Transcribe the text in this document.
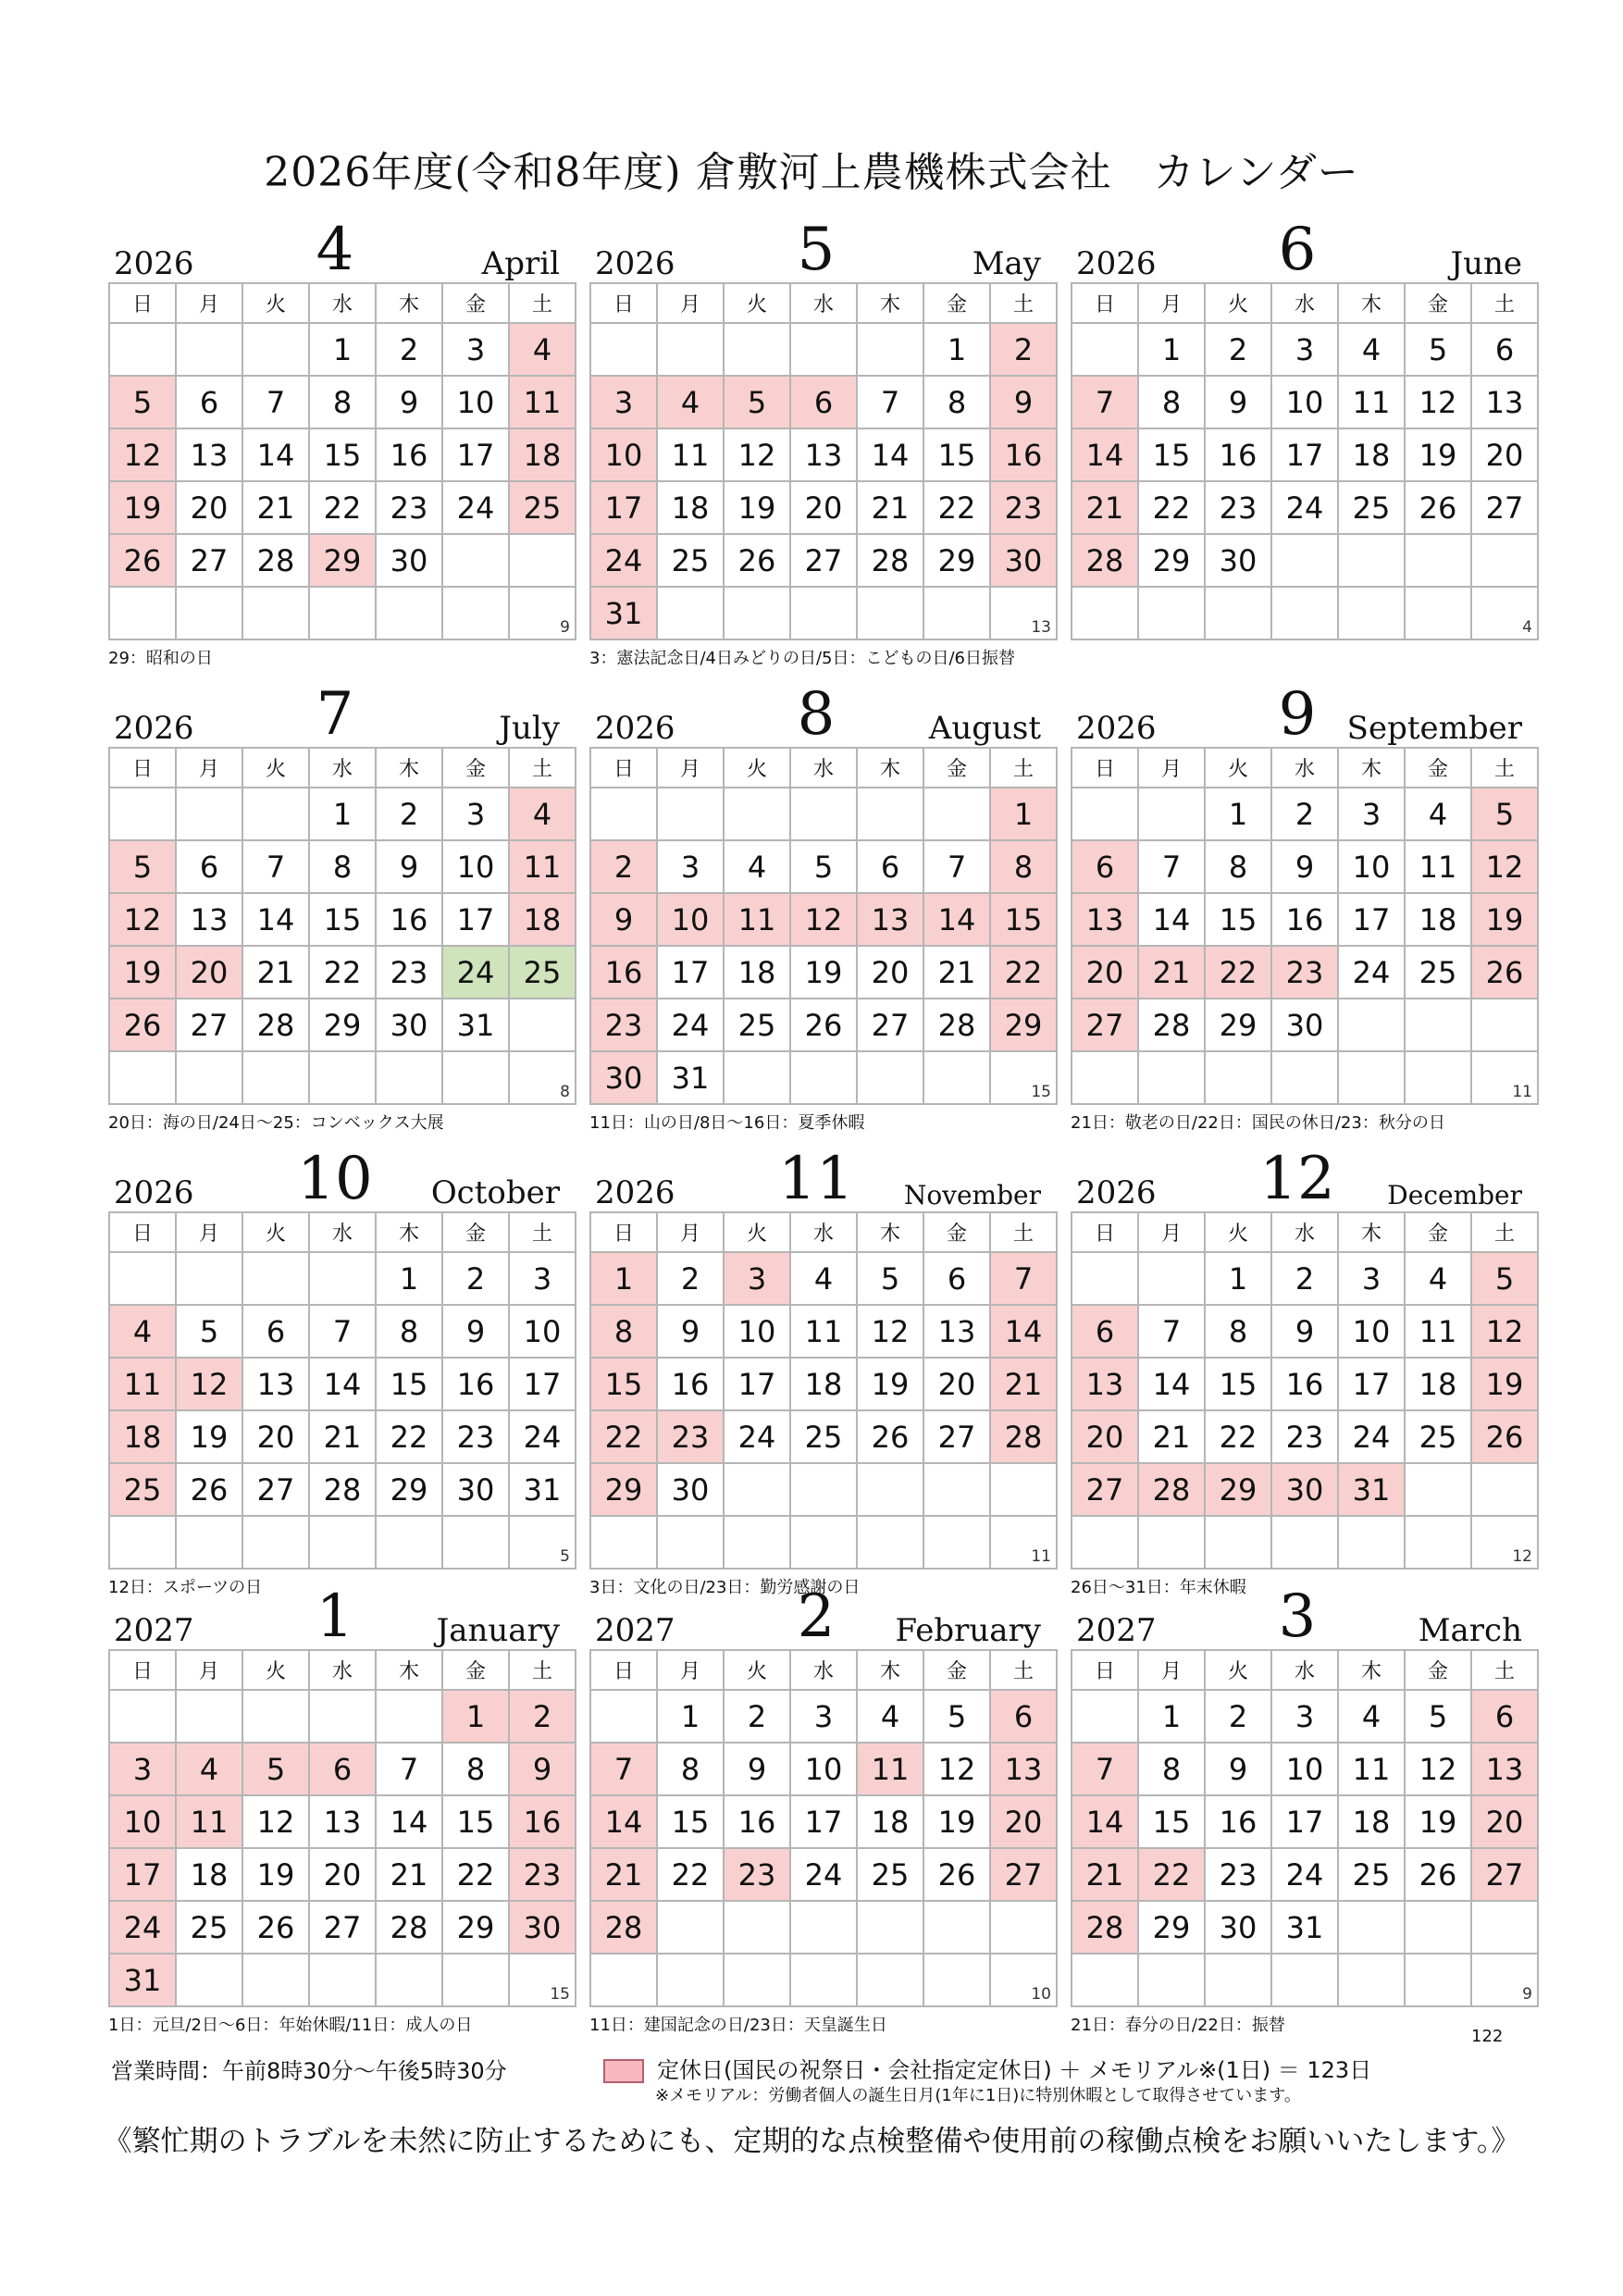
2026年度(令和8年度) 倉敷河上農機株式会社　カレンダー
2026	4	April
日	月	火	水	木	金	土
			1	2	3	4
5	6	7	8	9	10	11
12	13	14	15	16	17	18
19	20	21	22	23	24	25
26	27	28	29	30		

						9
29：昭和の日
2026	5	May
日	月	火	水	木	金	土
					1	2
3	4	5	6	7	8	9
10	11	12	13	14	15	16
17	18	19	20	21	22	23
24	25	26	27	28	29	30
31						13
3：憲法記念日/4日みどりの日/5日：こどもの日/6日振替
2026	6	June
日	月	火	水	木	金	土
	1	2	3	4	5	6
7	8	9	10	11	12	13
14	15	16	17	18	19	20
21	22	23	24	25	26	27
28	29	30				

						4
2026	7	July
日	月	火	水	木	金	土
			1	2	3	4
5	6	7	8	9	10	11
12	13	14	15	16	17	18
19	20	21	22	23	24	25
26	27	28	29	30	31	

						8
20日：海の日/24日～25：コンベックス大展
2026	8	August
日	月	火	水	木	金	土
						1
2	3	4	5	6	7	8
9	10	11	12	13	14	15
16	17	18	19	20	21	22
23	24	25	26	27	28	29
30	31					15
11日：山の日/8日～16日：夏季休暇
2026	9 September
日	月	火	水	木	金	土
		1	2	3	4	5
6	7	8	9	10	11	12
13	14	15	16	17	18	19
20	21	22	23	24	25	26
27	28	29	30			

						11
21日：敬老の日/22日：国民の休日/23：秋分の日
2026	10	October
日	月	火	水	木	金	土
				1	2	3
4	5	6	7	8	9	10
11	12	13	14	15	16	17
18	19	20	21	22	23	24
25	26	27	28	29	30	31

						5
12日：スポーツの日
2026	11	November
日	月	火	水	木	金	土
1	2	3	4	5	6	7
8	9	10	11	12	13	14
15	16	17	18	19	20	21
22	23	24	25	26	27	28
29	30					

						11
3日：文化の日/23日：勤労感謝の日
2026	12	December
日	月	火	水	木	金	土
		1	2	3	4	5
6	7	8	9	10	11	12
13	14	15	16	17	18	19
20	21	22	23	24	25	26
27	28	29	30	31		

						12
26日～31日：年末休暇
2027	1	January
日	月	火	水	木	金	土
					1	2
3	4	5	6	7	8	9
10	11	12	13	14	15	16
17	18	19	20	21	22	23
24	25	26	27	28	29	30
31						15
1日：元旦/2日～6日：年始休暇/11日：成人の日
2027	2	February
日	月	火	水	木	金	土
	1	2	3	4	5	6
7	8	9	10	11	12	13
14	15	16	17	18	19	20
21	22	23	24	25	26	27
28						

						10
11日：建国記念の日/23日：天皇誕生日
2027	3	March
日	月	火	水	木	金	土
	1	2	3	4	5	6
7	8	9	10	11	12	13
14	15	16	17	18	19	20
21	22	23	24	25	26	27
28	29	30	31			

						9
21日：春分の日/22日：振替
122
営業時間：午前8時30分～午後5時30分	定休日(国民の祝祭日・会社指定定休日) ＋ メモリアル※(1日) ＝ 123日
※メモリアル：労働者個人の誕生日月(1年に1日)に特別休暇として取得させています。
《繁忙期のトラブルを未然に防止するためにも、定期的な点検整備や使用前の稼働点検をお願いいたします。》
